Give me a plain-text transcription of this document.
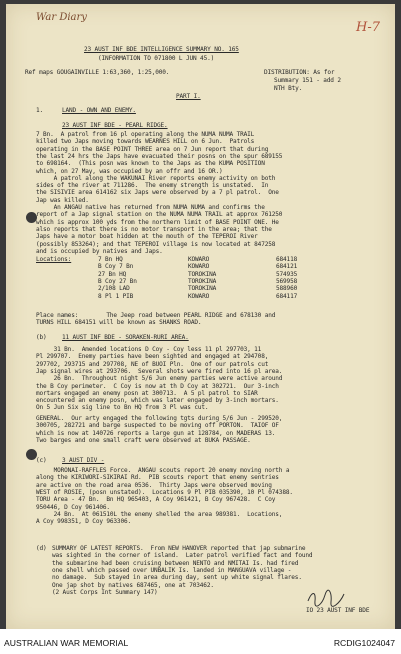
War Diary
H-7
23 AUST INF BDE INTELLIGENCE SUMMARY NO. 165
(INFORMATION TO 071800 L JUN 45.)
Ref maps GOUGAINVILLE 1:63,360, 1:25,000.	DISTRIBUTION: As for
Summary 151 - add 2
NTH Bty.
PART I.
1.	LAND - OWN AND ENEMY.
23 AUST INF BDE - PEARL RIDGE.
7 Bn.  A patrol from 16 pl operating along the NUMA NUMA TRAIL
killed two Japs moving towards WEARNES HILL on 6 Jun.  Patrols
operating in the BASE POINT THREE area on 7 Jun report that during
the last 24 hrs the Japs have evacuated their posns on the spur 689155
to 698164.  (This posn was known to the Japs as the KUMA POSITION
which, on 27 May, was occupied by an offr and 16 OR.)
A patrol along the WAKUNAI River reports enemy activity on both
sides of the river at 711286.  The enemy strength is unstated.  In
the SISIVIE area 614162 six Japs were observed by a 7 pl patrol.  One
Jap was killed.
An ANGAU native has returned from NUMA NUMA and confirms the
report of a Jap signal station on the NUMA NUMA TRAIL at approx 761250
which is approx 100 yds from the northern limit of BASE POINT ONE. He
also reports that there is no motor transport in the area; that the
Japs have a motor boat hidden at the mouth of the TEPEROI River
(possibly 853264); and that TEPEROI village is now located at 847258
and is occupied by natives and Japs.
Locations:	7 Bn HQ	KOWARO	684118
B Coy 7 Bn	KOWARO	684121
27 Bn HQ	TOROKINA	574935
B Coy 27 Bn	TOROKINA	569958
2/108 LAD	TOROKINA	588960
8 Pl 1 PIB	KOWARO	684117
Place names:        The Jeep road between PEARL RIDGE and 678130 and
TURNS HILL 684151 will be known as SHANKS ROAD.
(b)	11 AUST INF BDE - SORAKEN-RURI AREA.
31 Bn.  Amended locations D Coy - Coy less 11 pl 297703, 11
Pl 299707.  Enemy parties have been sighted and engaged at 294708,
297702, 293715 and 297708, NE of BUOI Pln.  One of our patrols cut
Jap signal wires at 293706.  Several shots were fired into 16 pl area.
26 Bn.  Throughout night 5/6 Jun enemy parties were active around
the B Coy perimeter.  C Coy is now at th D Coy at 302721.  Our 3-inch
mortars engaged an enemy posn at 300713.  A 5 pl patrol to SIAR
encountered an enemy posn, which was later engaged by 3-inch mortars.
On 5 Jun Six sig line to Bn HQ from 3 Pl was cut.
GENERAL.  Our arty engaged the following tgts during 5/6 Jun - 299520,
300705, 282721 and barge suspected to be moving off PORTON.  TAIOF OF
which is now at 140726 reports a large gun at 128784, on MADERAS 13.
Two barges and one small craft were observed at BUKA PASSAGE.
(c)	3 AUST DIV -
MORONAI-RAFFLES Force.  ANGAU scouts report 20 enemy moving north a
along the KIRIWORI-SIKIRAI Rd.  PIB scouts report that enemy sentries
are active on the road area 0536.  Thirty Japs were observed moving
WEST of ROSIE, (posn unstated).  Locations 9 Pl PIB 035390, 10 Pl 074388.
TORU Area - 47 Bn.  Bn HQ 965403, A Coy 961421, B Coy 967428.  C Coy
950446, D Coy 961406.
24 Bn.  At 061510L the enemy shelled the area 989381.  Locations,
A Coy 998351, D Coy 963306.
(d) SUMMARY OF LATEST REPORTS.  From NEW HANOVER reported that jap submarine
was sighted in the corner of island.  Later patrol verified fact and found
the submarine had been cruising between NENTO and NMITAI Is. had fired
one shell which passed over UNBALIK Is. landed in MANGUAVA village -
no damage.  Sub stayed in area during day, sent up white signal flares.
One jap shot by natives 687465, one at 703462.
(2 Aust Corps Int Summary 147)
IO 23 AUST INF BDE
AUSTRALIAN WAR MEMORIAL	RCDIG1024047
